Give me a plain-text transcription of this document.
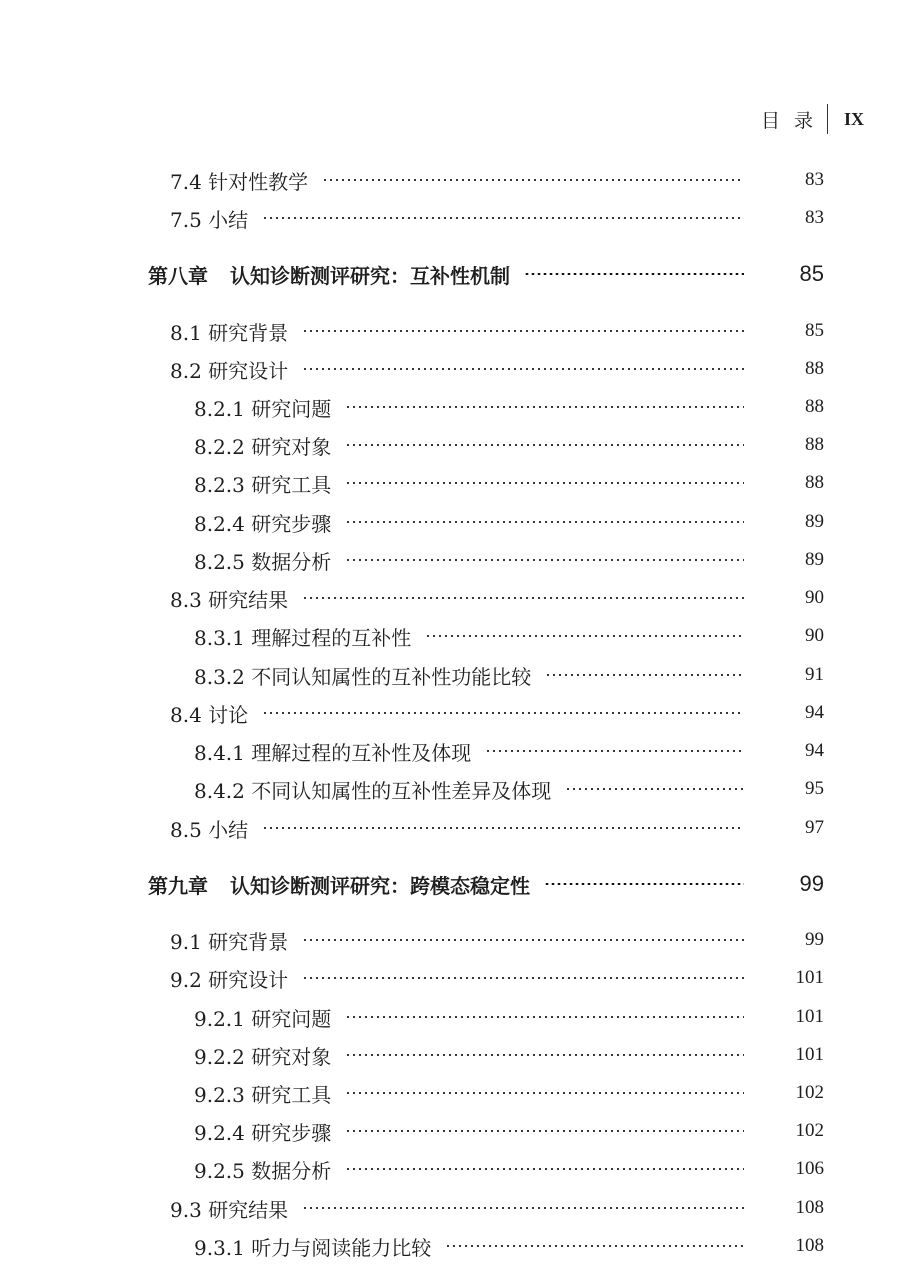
目 录 IX
7.4 针对性教学	83
7.5 小结	83
第八章 认知诊断测评研究：互补性机制	85
8.1 研究背景	85
8.2 研究设计	88
8.2.1 研究问题	88
8.2.2 研究对象	88
8.2.3 研究工具	88
8.2.4 研究步骤	89
8.2.5 数据分析	89
8.3 研究结果	90
8.3.1 理解过程的互补性	90
8.3.2 不同认知属性的互补性功能比较	91
8.4 讨论	94
8.4.1 理解过程的互补性及体现	94
8.4.2 不同认知属性的互补性差异及体现	95
8.5 小结	97
第九章 认知诊断测评研究：跨模态稳定性	99
9.1 研究背景	99
9.2 研究设计	101
9.2.1 研究问题	101
9.2.2 研究对象	101
9.2.3 研究工具	102
9.2.4 研究步骤	102
9.2.5 数据分析	106
9.3 研究结果	108
9.3.1 听力与阅读能力比较	108
